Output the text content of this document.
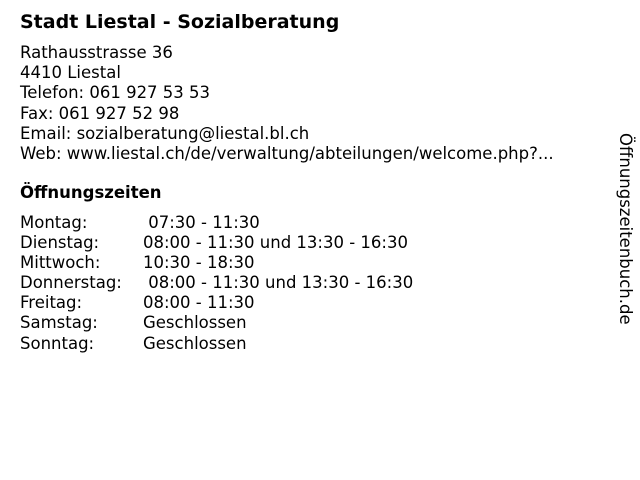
Stadt Liestal - Sozialberatung
Rathausstrasse 36
4410 Liestal
Telefon: 061 927 53 53
Fax: 061 927 52 98
Email: sozialberatung@liestal.bl.ch
Web: www.liestal.ch/de/verwaltung/abteilungen/welcome.php?...
Öffnungszeiten
Montag:	07:30 - 11:30
Dienstag:	08:00 - 11:30 und 13:30 - 16:30
Mittwoch:	10:30 - 18:30
Donnerstag:	08:00 - 11:30 und 13:30 - 16:30
Freitag:	08:00 - 11:30
Samstag:	Geschlossen
Sonntag:	Geschlossen
Öffnungszeitenbuch.de
